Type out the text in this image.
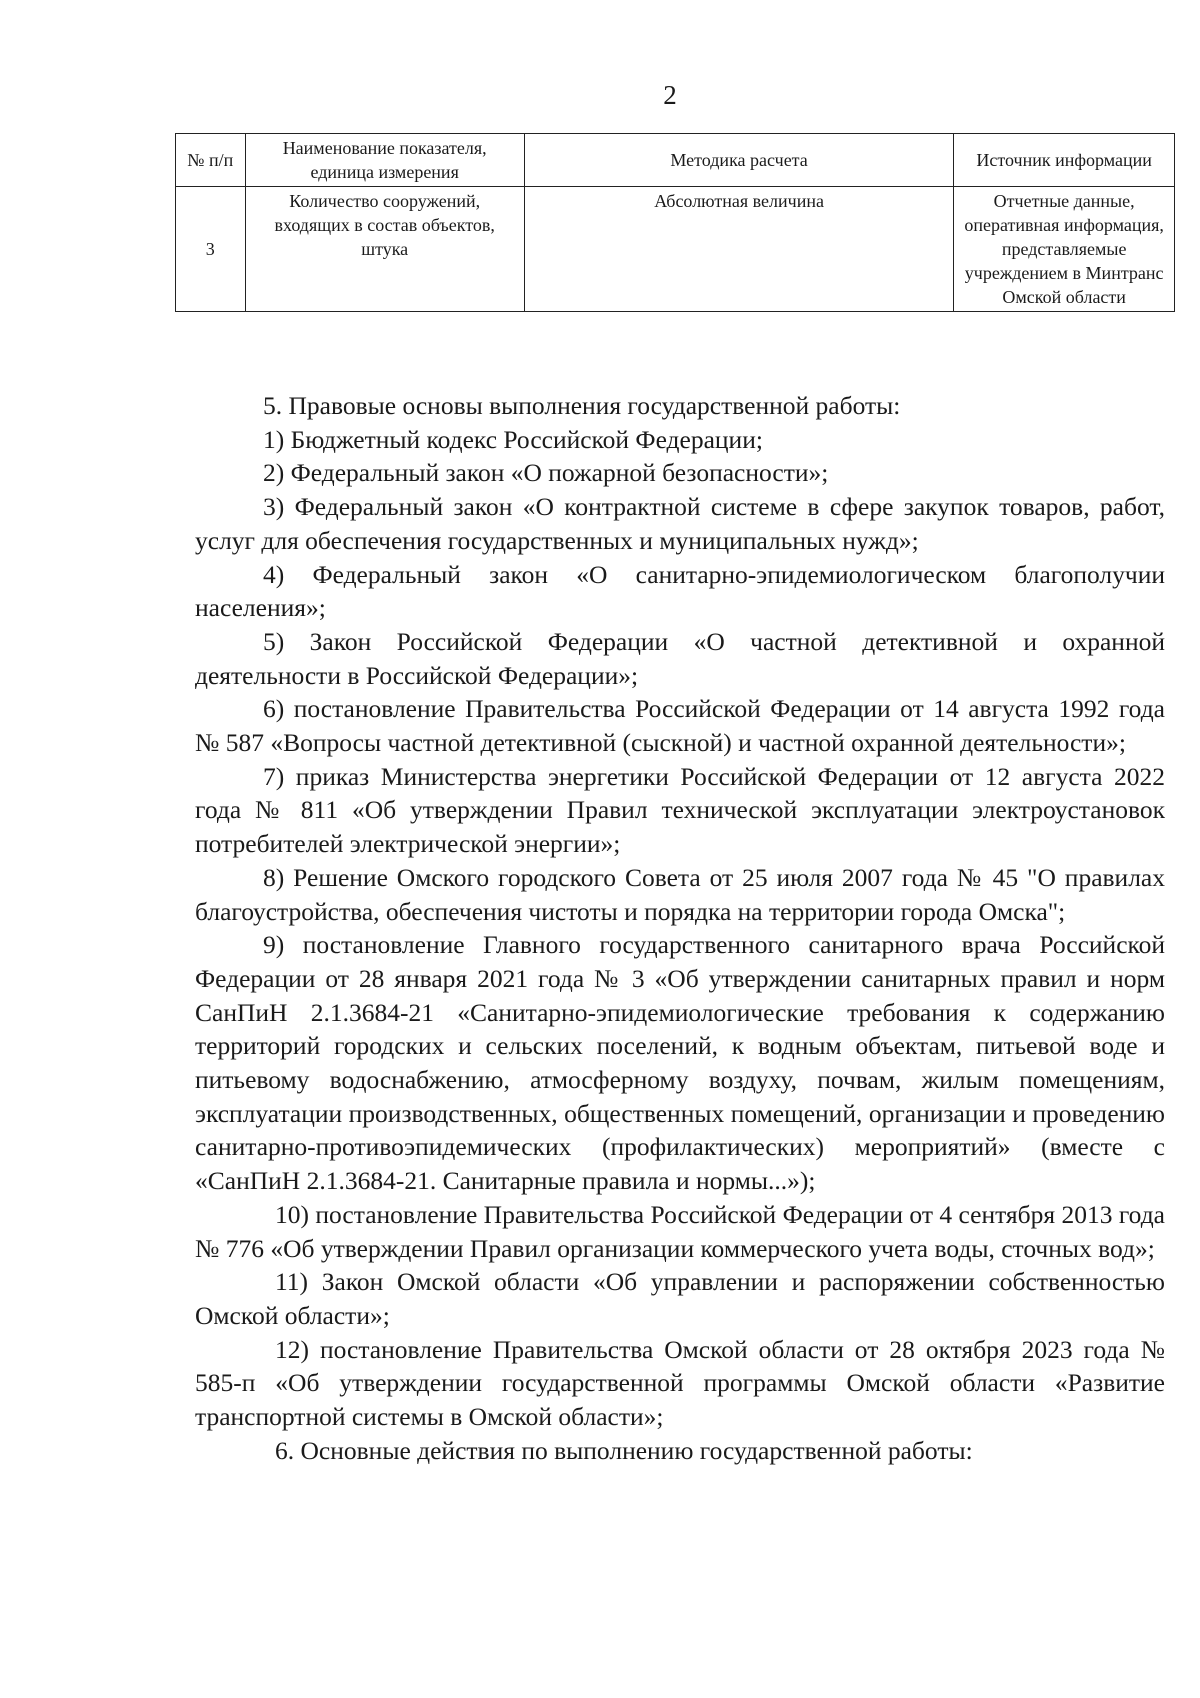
2
№ п/п	Наименование показателя, единица измерения	Методика расчета	Источник информации
3	Количество сооружений, входящих в состав объектов, штука	Абсолютная величина	Отчетные данные, оперативная информация, представляемые учреждением в Минтранс Омской области

5. Правовые основы выполнения государственной работы:

1) Бюджетный кодекс Российской Федерации;

2) Федеральный закон «О пожарной безопасности»;

3) Федеральный закон «О контрактной системе в сфере закупок товаров, работ, услуг для обеспечения государственных и муниципальных нужд»;

4) Федеральный закон «О санитарно-эпидемиологическом благополучии населения»;

5) Закон Российской Федерации «О частной детективной и охранной деятельности в Российской Федерации»;

6) постановление Правительства Российской Федерации от 14 августа 1992 года № 587 «Вопросы частной детективной (сыскной) и частной охранной деятельности»;

7) приказ Министерства энергетики Российской Федерации от 12 августа 2022 года № 811 «Об утверждении Правил технической эксплуатации электроустановок потребителей электрической энергии»;

8) Решение Омского городского Совета от 25 июля 2007 года № 45 "О правилах благоустройства, обеспечения чистоты и порядка на территории города Омска";

9) постановление Главного государственного санитарного врача Российской Федерации от 28 января 2021 года № 3 «Об утверждении санитарных правил и норм СанПиН 2.1.3684-21 «Санитарно-эпидемиологические требования к содержанию территорий городских и сельских поселений, к водным объектам, питьевой воде и питьевому водоснабжению, атмосферному воздуху, почвам, жилым помещениям, эксплуатации производственных, общественных помещений, организации и проведению санитарно-противоэпидемических (профилактических) мероприятий» (вместе с «СанПиН 2.1.3684-21. Санитарные правила и нормы...»);

10) постановление Правительства Российской Федерации от 4 сентября 2013 года № 776 «Об утверждении Правил организации коммерческого учета воды, сточных вод»;

11) Закон Омской области «Об управлении и распоряжении собственностью Омской области»;

12) постановление Правительства Омской области от 28 октября 2023 года № 585-п «Об утверждении государственной программы Омской области «Развитие транспортной системы в Омской области»;

6. Основные действия по выполнению государственной работы:
